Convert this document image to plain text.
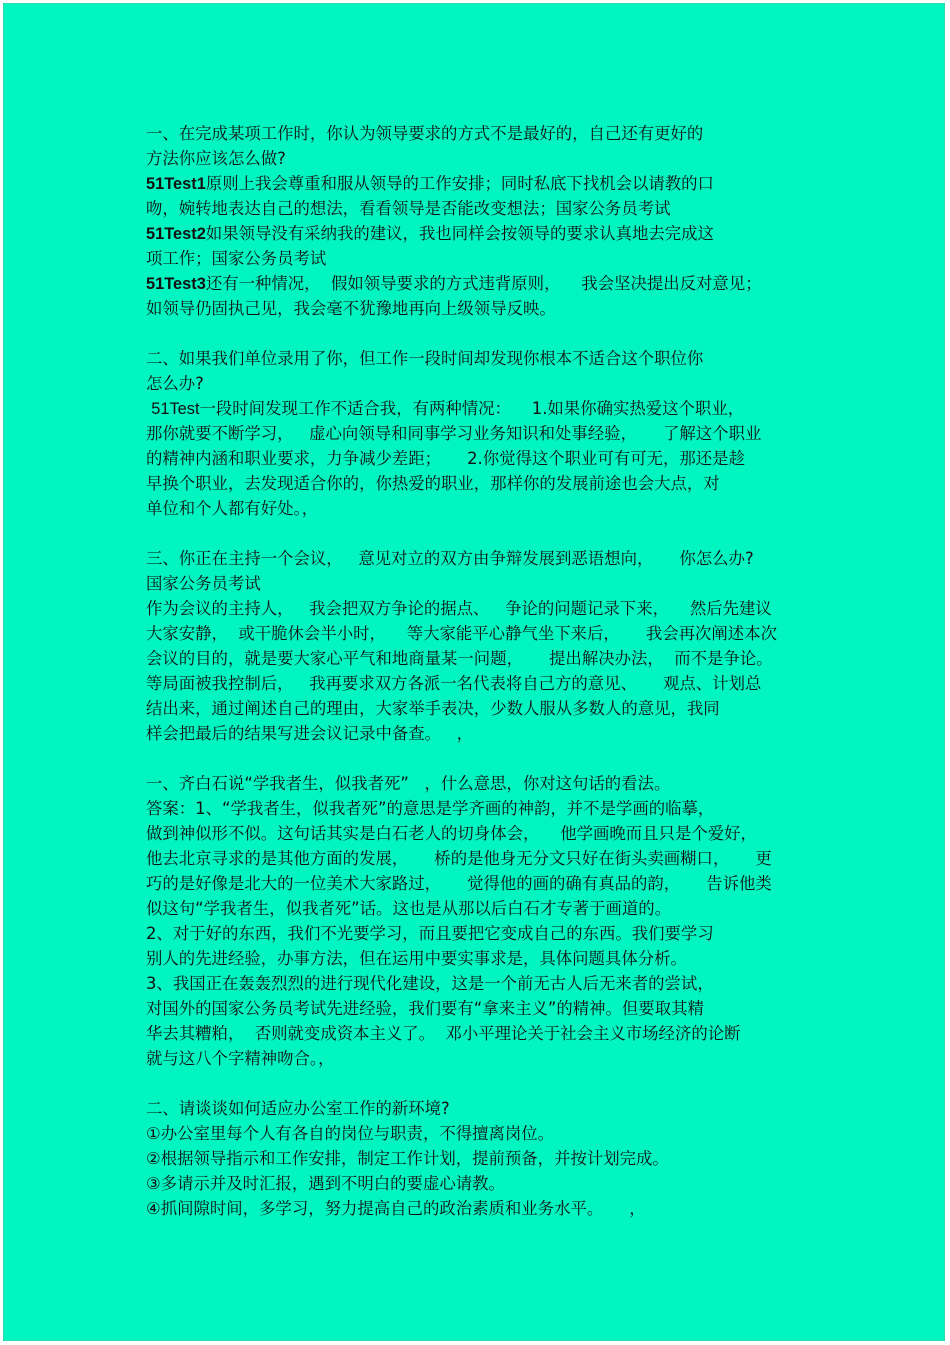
一、在完成某项工作时，你认为领导要求的方式不是最好的，自己还有更好的
方法你应该怎么做?
51Test1原则上我会尊重和服从领导的工作安排；同时私底下找机会以请教的口
吻，婉转地表达自己的想法，看看领导是否能改变想法；国家公务员考试
51Test2如果领导没有采纳我的建议，我也同样会按领导的要求认真地去完成这
项工作；国家公务员考试
51Test3还有一种情况，  假如领导要求的方式违背原则，    我会坚决提出反对意见；
如领导仍固执己见，我会毫不犹豫地再向上级领导反映。
二、如果我们单位录用了你，但工作一段时间却发现你根本不适合这个职位你
怎么办?
51Test一段时间发现工作不适合我，有两种情况：    1.如果你确实热爱这个职业，
那你就要不断学习，   虚心向领导和同事学习业务知识和处事经验，     了解这个职业
的精神内涵和职业要求，力争减少差距；     2.你觉得这个职业可有可无，那还是趁
早换个职业，去发现适合你的，你热爱的职业，那样你的发展前途也会大点，对
单位和个人都有好处。，
三、你正在主持一个会议，   意见对立的双方由争辩发展到恶语想向，     你怎么办?
国家公务员考试
作为会议的主持人，   我会把双方争论的据点、   争论的问题记录下来，    然后先建议
大家安静，  或干脆休会半小时，    等大家能平心静气坐下来后，     我会再次阐述本次
会议的目的，就是要大家心平气和地商量某一问题，     提出解决办法，  而不是争论。
等局面被我控制后，   我再要求双方各派一名代表将自己方的意见、     观点、计划总
结出来，通过阐述自己的理由，大家举手表决，少数人服从多数人的意见，我同
样会把最后的结果写进会议记录中备查。   ，
一、齐白石说“学我者生，似我者死”   ，什么意思，你对这句话的看法。
答案：1、“学我者生，似我者死”的意思是学齐画的神韵，并不是学画的临摹，
做到神似形不似。这句话其实是白石老人的切身体会，    他学画晚而且只是个爱好，
他去北京寻求的是其他方面的发展，     桥的是他身无分文只好在街头卖画糊口，     更
巧的是好像是北大的一位美术大家路过，     觉得他的画的确有真品的韵，     告诉他类
似这句“学我者生，似我者死”话。这也是从那以后白石才专著于画道的。
2、对于好的东西，我们不光要学习，而且要把它变成自己的东西。我们要学习
别人的先进经验，办事方法，但在运用中要实事求是，具体问题具体分析。
3、我国正在轰轰烈烈的进行现代化建设，这是一个前无古人后无来者的尝试，
对国外的国家公务员考试先进经验，我们要有“拿来主义”的精神。但要取其精
华去其糟粕，  否则就变成资本主义了。  邓小平理论关于社会主义市场经济的论断
就与这八个字精神吻合。，
二、请谈谈如何适应办公室工作的新环境?
①办公室里每个人有各自的岗位与职责，不得擅离岗位。
②根据领导指示和工作安排，制定工作计划，提前预备，并按计划完成。
③多请示并及时汇报，遇到不明白的要虚心请教。
④抓间隙时间，多学习，努力提高自己的政治素质和业务水平。     ，
